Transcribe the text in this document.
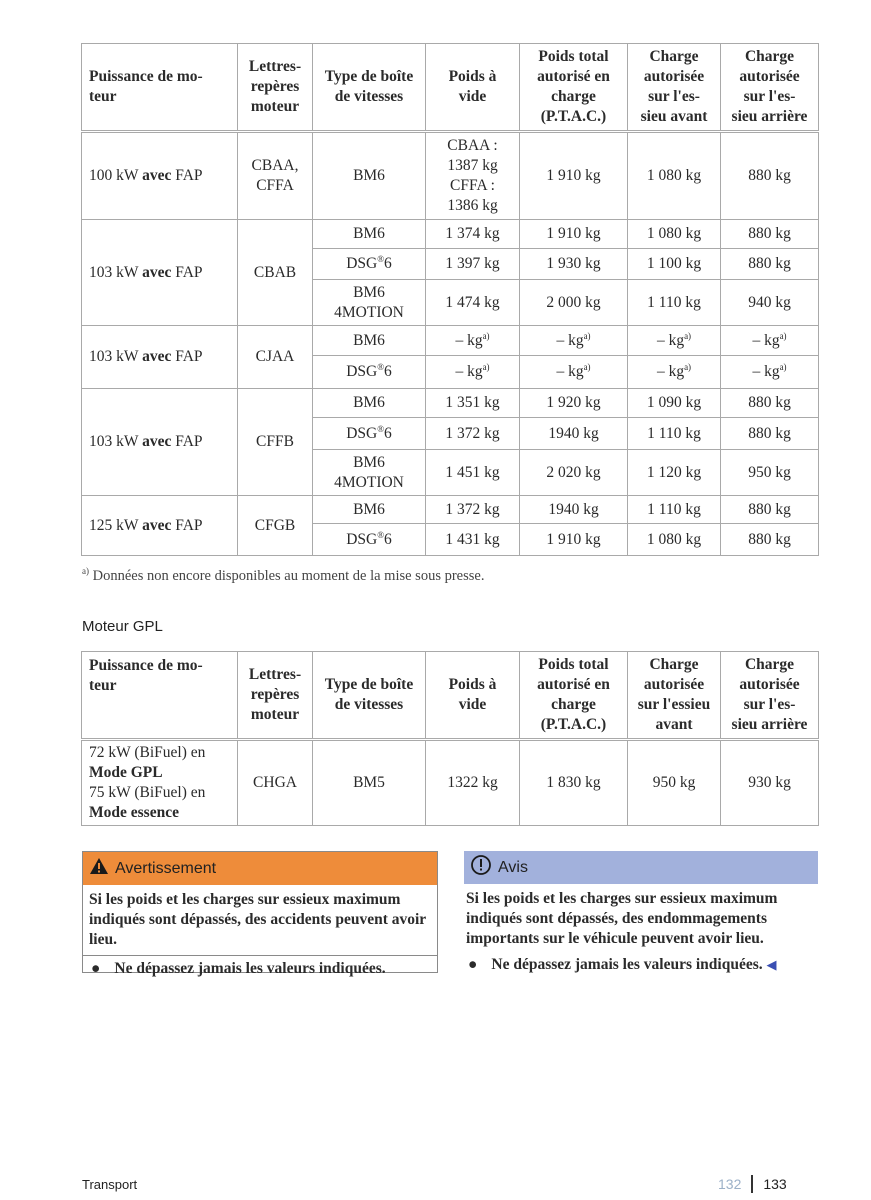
Puissance de mo-
teur	Lettres-
repères
moteur	Type de boîte
de vitesses	Poids à
vide	Poids total
autorisé en
charge
(P.T.A.C.)	Charge
autorisée
sur l'es-
sieu avant	Charge
autorisée
sur l'es-
sieu arrière
100 kW avec FAP	CBAA,
CFFA	BM6	CBAA :
1387 kg
CFFA :
1386 kg	1 910 kg	1 080 kg	880 kg
103 kW avec FAP	CBAB	BM6	1 374 kg	1 910 kg	1 080 kg	880 kg
		DSG®6	1 397 kg	1 930 kg	1 100 kg	880 kg
		BM6
4MOTION	1 474 kg	2 000 kg	1 110 kg	940 kg
103 kW avec FAP	CJAA	BM6	– $kg^{a)}$	– $kg^{a)}$	– $kg^{a)}$	– $kg^{a)}$
		DSG®6	– $kg^{a)}$	– $kg^{a)}$	– $kg^{a)}$	– $kg^{a)}$
103 kW avec FAP	CFFB	BM6	1 351 kg	1 920 kg	1 090 kg	880 kg
		DSG®6	1 372 kg	1940 kg	1 110 kg	880 kg
		BM6
4MOTION	1 451 kg	2 020 kg	1 120 kg	950 kg
125 kW avec FAP	CFGB	BM6	1 372 kg	1940 kg	1 110 kg	880 kg
		DSG®6	1 431 kg	1 910 kg	1 080 kg	880 kg
$^{a)}$ Données non encore disponibles au moment de la mise sous presse.
Moteur GPL
Puissance de mo-
teur	Lettres-
repères
moteur	Type de boîte
de vitesses	Poids à
vide	Poids total
autorisé en
charge
(P.T.A.C.)	Charge
autorisée
sur l'essieu
avant	Charge
autorisée
sur l'es-
sieu arrière
72 kW (BiFuel) en
Mode GPL
75 kW (BiFuel) en
Mode essence	CHGA	BM5	1322 kg	1 830 kg	950 kg	930 kg
Avertissement
Si les poids et les charges sur essieux maximum indiqués sont dépassés, des accidents peuvent avoir lieu.
● Ne dépassez jamais les valeurs indiquées.
Avis
Si les poids et les charges sur essieux maximum indiqués sont dépassés, des endommagements importants sur le véhicule peuvent avoir lieu.
● Ne dépassez jamais les valeurs indiquées. ◀
Transport	132 133
